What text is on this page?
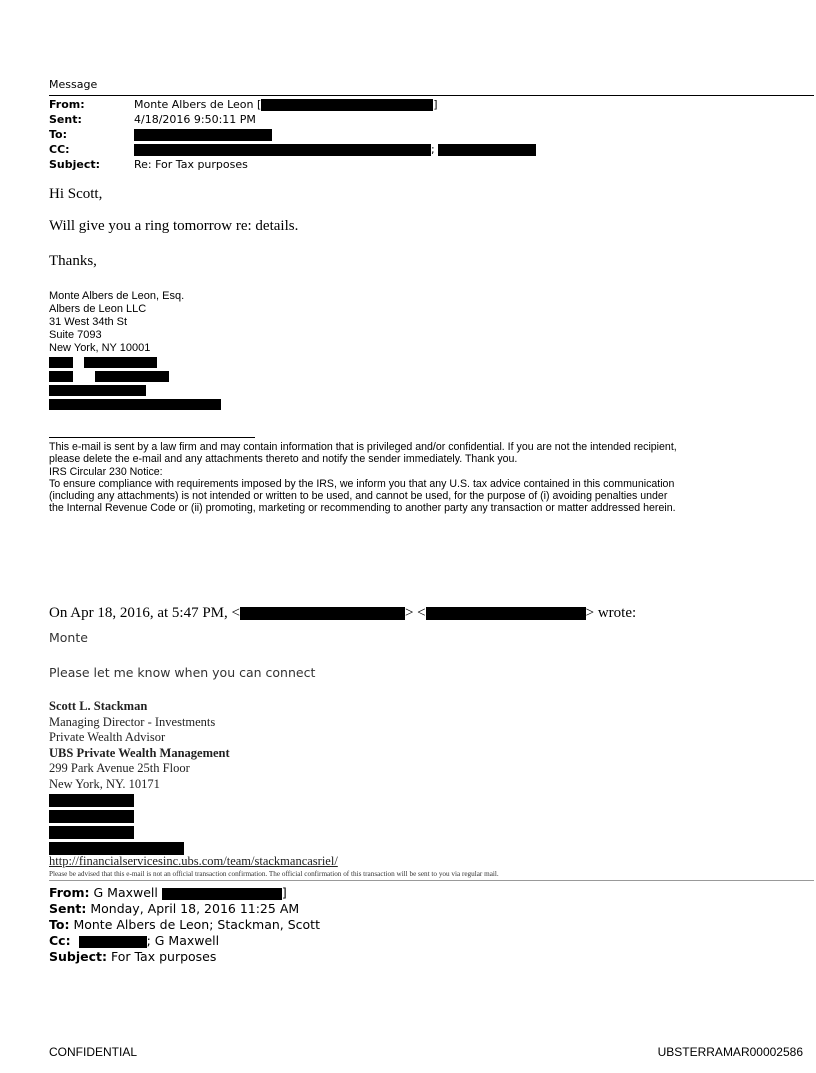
Message
From:	Monte Albers de Leon [	]
Sent:	4/18/2016 9:50:11 PM
To:
CC:	;
Subject:	Re: For Tax purposes
Hi Scott,
Will give you a ring tomorrow re: details.
Thanks,
Monte Albers de Leon, Esq.
Albers de Leon LLC
31 West 34th St
Suite 7093
New York, NY 10001
This e-mail is sent by a law firm and may contain information that is privileged and/or confidential. If you are not the intended recipient,
please delete the e-mail and any attachments thereto and notify the sender immediately. Thank you.
IRS Circular 230 Notice:
To ensure compliance with requirements imposed by the IRS, we inform you that any U.S. tax advice contained in this communication
(including any attachments) is not intended or written to be used, and cannot be used, for the purpose of (i) avoiding penalties under
the Internal Revenue Code or (ii) promoting, marketing or recommending to another party any transaction or matter addressed herein.
On Apr 18, 2016, at 5:47 PM, <	> <	> wrote:
Monte
Please let me know when you can connect
Scott L. Stackman
Managing Director - Investments
Private Wealth Advisor
UBS Private Wealth Management
299 Park Avenue 25th Floor
New York, NY. 10171
http://financialservicesinc.ubs.com/team/stackmancasriel/
Please be advised that this e-mail is not an official transaction confirmation. The official confirmation of this transaction will be sent to you via regular mail.
From: G Maxwell	]
Sent: Monday, April 18, 2016 11:25 AM
To: Monte Albers de Leon; Stackman, Scott
Cc:	; G Maxwell
Subject: For Tax purposes
CONFIDENTIAL	UBSTERRAMAR00002586
